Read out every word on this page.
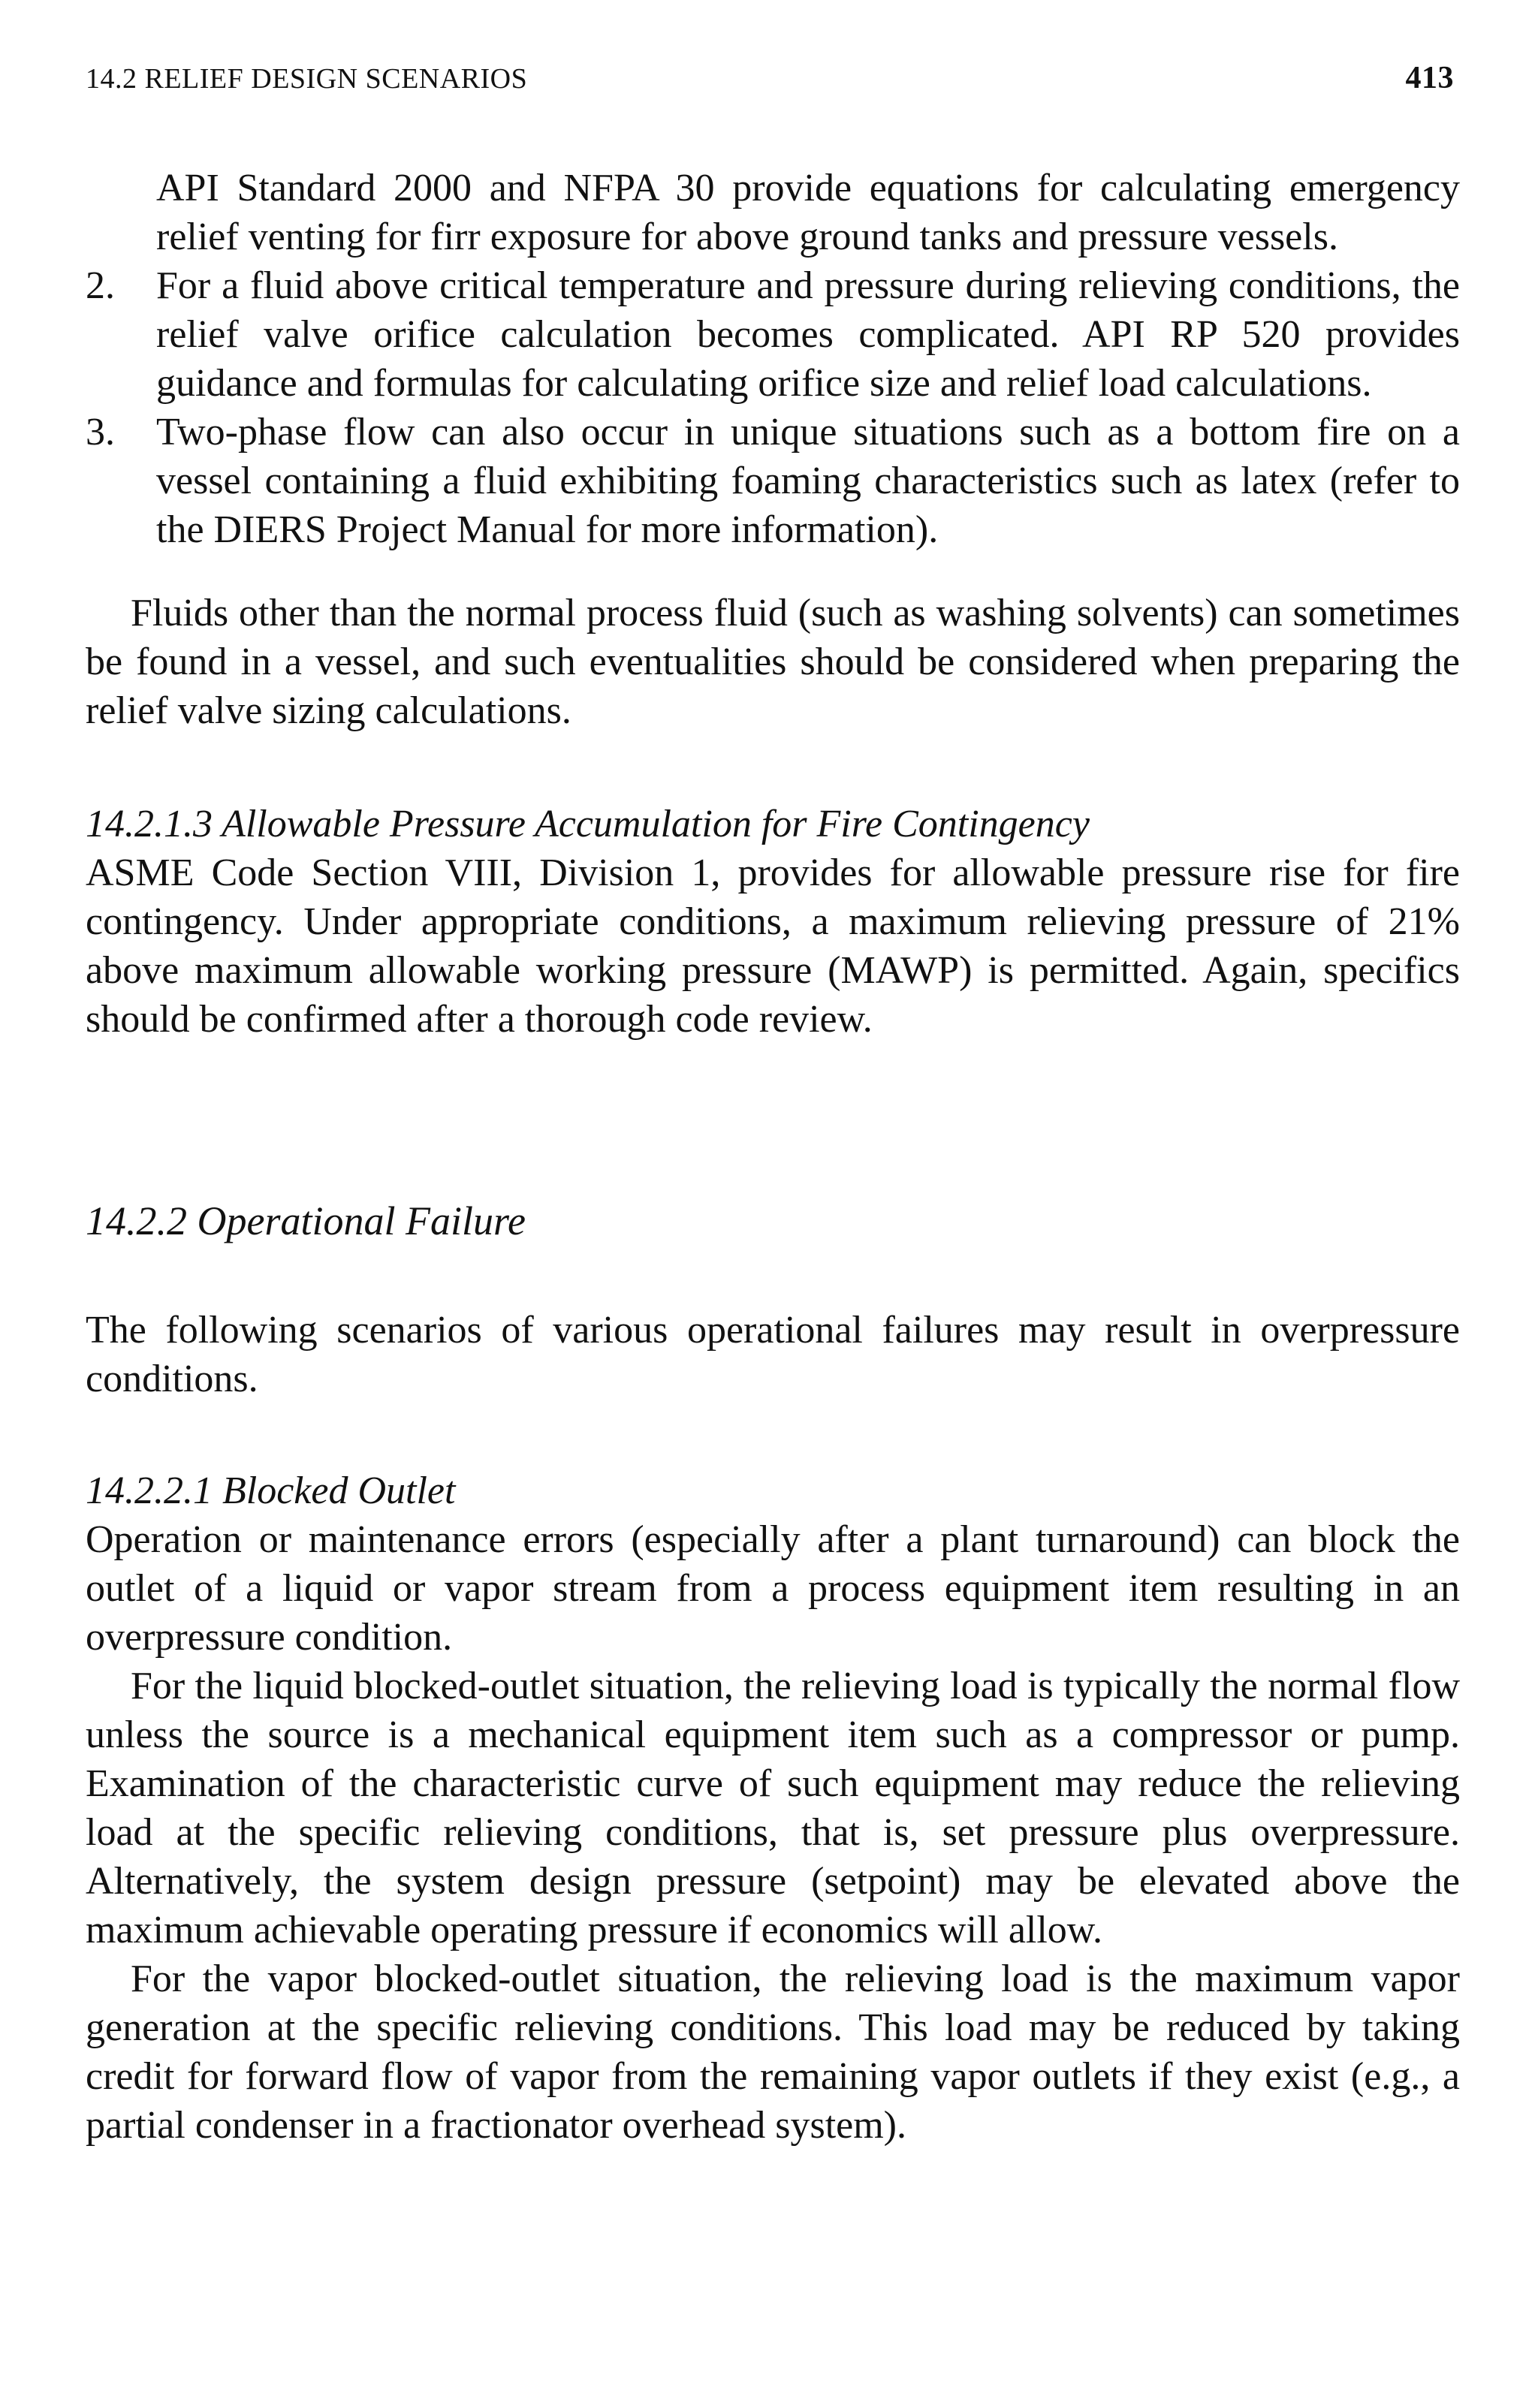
14.2 RELIEF DESIGN SCENARIOS	413

API Standard 2000 and NFPA 30 provide equations for calculating emergency relief venting for firr exposure for above ground tanks and pressure vessels.

2.	For a fluid above critical temperature and pressure during relieving conditions, the relief valve orifice calculation becomes complicated. API RP 520 provides guidance and formulas for calculating orifice size and relief load calculations.
3.	Two-phase flow can also occur in unique situations such as a bottom fire on a vessel containing a fluid exhibiting foaming characteristics such as latex (refer to the DIERS Project Manual for more information).

Fluids other than the normal process fluid (such as washing solvents) can sometimes be found in a vessel, and such eventualities should be considered when preparing the relief valve sizing calculations.

14.2.1.3 Allowable Pressure Accumulation for Fire Contingency

ASME Code Section VIII, Division 1, provides for allowable pressure rise for fire contingency. Under appropriate conditions, a maximum relieving pressure of 21% above maximum allowable working pressure (MAWP) is permitted. Again, specifics should be confirmed after a thorough code review.

14.2.2 Operational Failure

The following scenarios of various operational failures may result in overpressure conditions.

14.2.2.1 Blocked Outlet

Operation or maintenance errors (especially after a plant turnaround) can block the outlet of a liquid or vapor stream from a process equipment item resulting in an overpressure condition.

For the liquid blocked-outlet situation, the relieving load is typically the normal flow unless the source is a mechanical equipment item such as a compressor or pump. Examination of the characteristic curve of such equipment may reduce the relieving load at the specific relieving conditions, that is, set pressure plus overpressure. Alternatively, the system design pressure (setpoint) may be elevated above the maximum achievable operating pressure if economics will allow.

For the vapor blocked-outlet situation, the relieving load is the maximum vapor generation at the specific relieving conditions. This load may be reduced by taking credit for forward flow of vapor from the remaining vapor outlets if they exist (e.g., a partial condenser in a fractionator overhead system).
